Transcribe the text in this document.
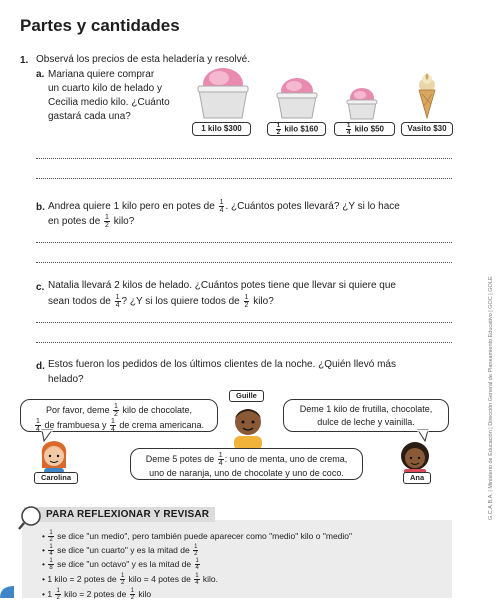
Partes y cantidades
1. Observá los precios de esta heladería y resolvé.
a. Mariana quiere comprar
un cuarto kilo de helado y
Cecilia medio kilo. ¿Cuánto
gastará cada una?
1 kilo $300	$\frac{1}{2}$ kilo $160	$\frac{1}{4}$ kilo $50	Vasito $30
b. Andrea quiere 1 kilo pero en potes de $\frac{1}{4}$ . ¿Cuántos potes llevará? ¿Y si lo hace
en potes de $\frac{1}{2}$ kilo?
c. Natalia llevará 2 kilos de helado. ¿Cuántos potes tiene que llevar si quiere que
sean todos de $\frac{1}{4}$ ? ¿Y si los quiere todos de $\frac{1}{2}$ kilo?
d. Estos fueron los pedidos de los últimos clientes de la noche. ¿Quién llevó más
helado?
Guille
Por favor, deme $\frac{1}{2}$ kilo de chocolate,
$\frac{1}{4}$ de frambuesa y $\frac{1}{4}$ de crema americana.
Deme 1 kilo de frutilla, chocolate,
dulce de leche y vainilla.
Deme 5 potes de $\frac{1}{4}$ : uno de menta, uno de crema,
uno de naranja, uno de chocolate y uno de coco.
Carolina	Ana	G.C.A.B.A. | Ministerio de Educación | Dirección General de Planeamiento Educativo | GOC | GOLE
PARA REFLEXIONAR Y REVISAR
• $\frac{1}{2}$ se dice "un medio", pero también puede aparecer como "medio" kilo o "medio"
• $\frac{1}{4}$ se dice "un cuarto" y es la mitad de $\frac{1}{2}$
• $\frac{1}{8}$ se dice "un octavo" y es la mitad de $\frac{1}{4}$
• 1 kilo = 2 potes de $\frac{1}{2}$ kilo = 4 potes de $\frac{1}{4}$ kilo.
• $1 \frac{1}{2}$ kilo = 2 potes de $\frac{1}{2}$ kilo
